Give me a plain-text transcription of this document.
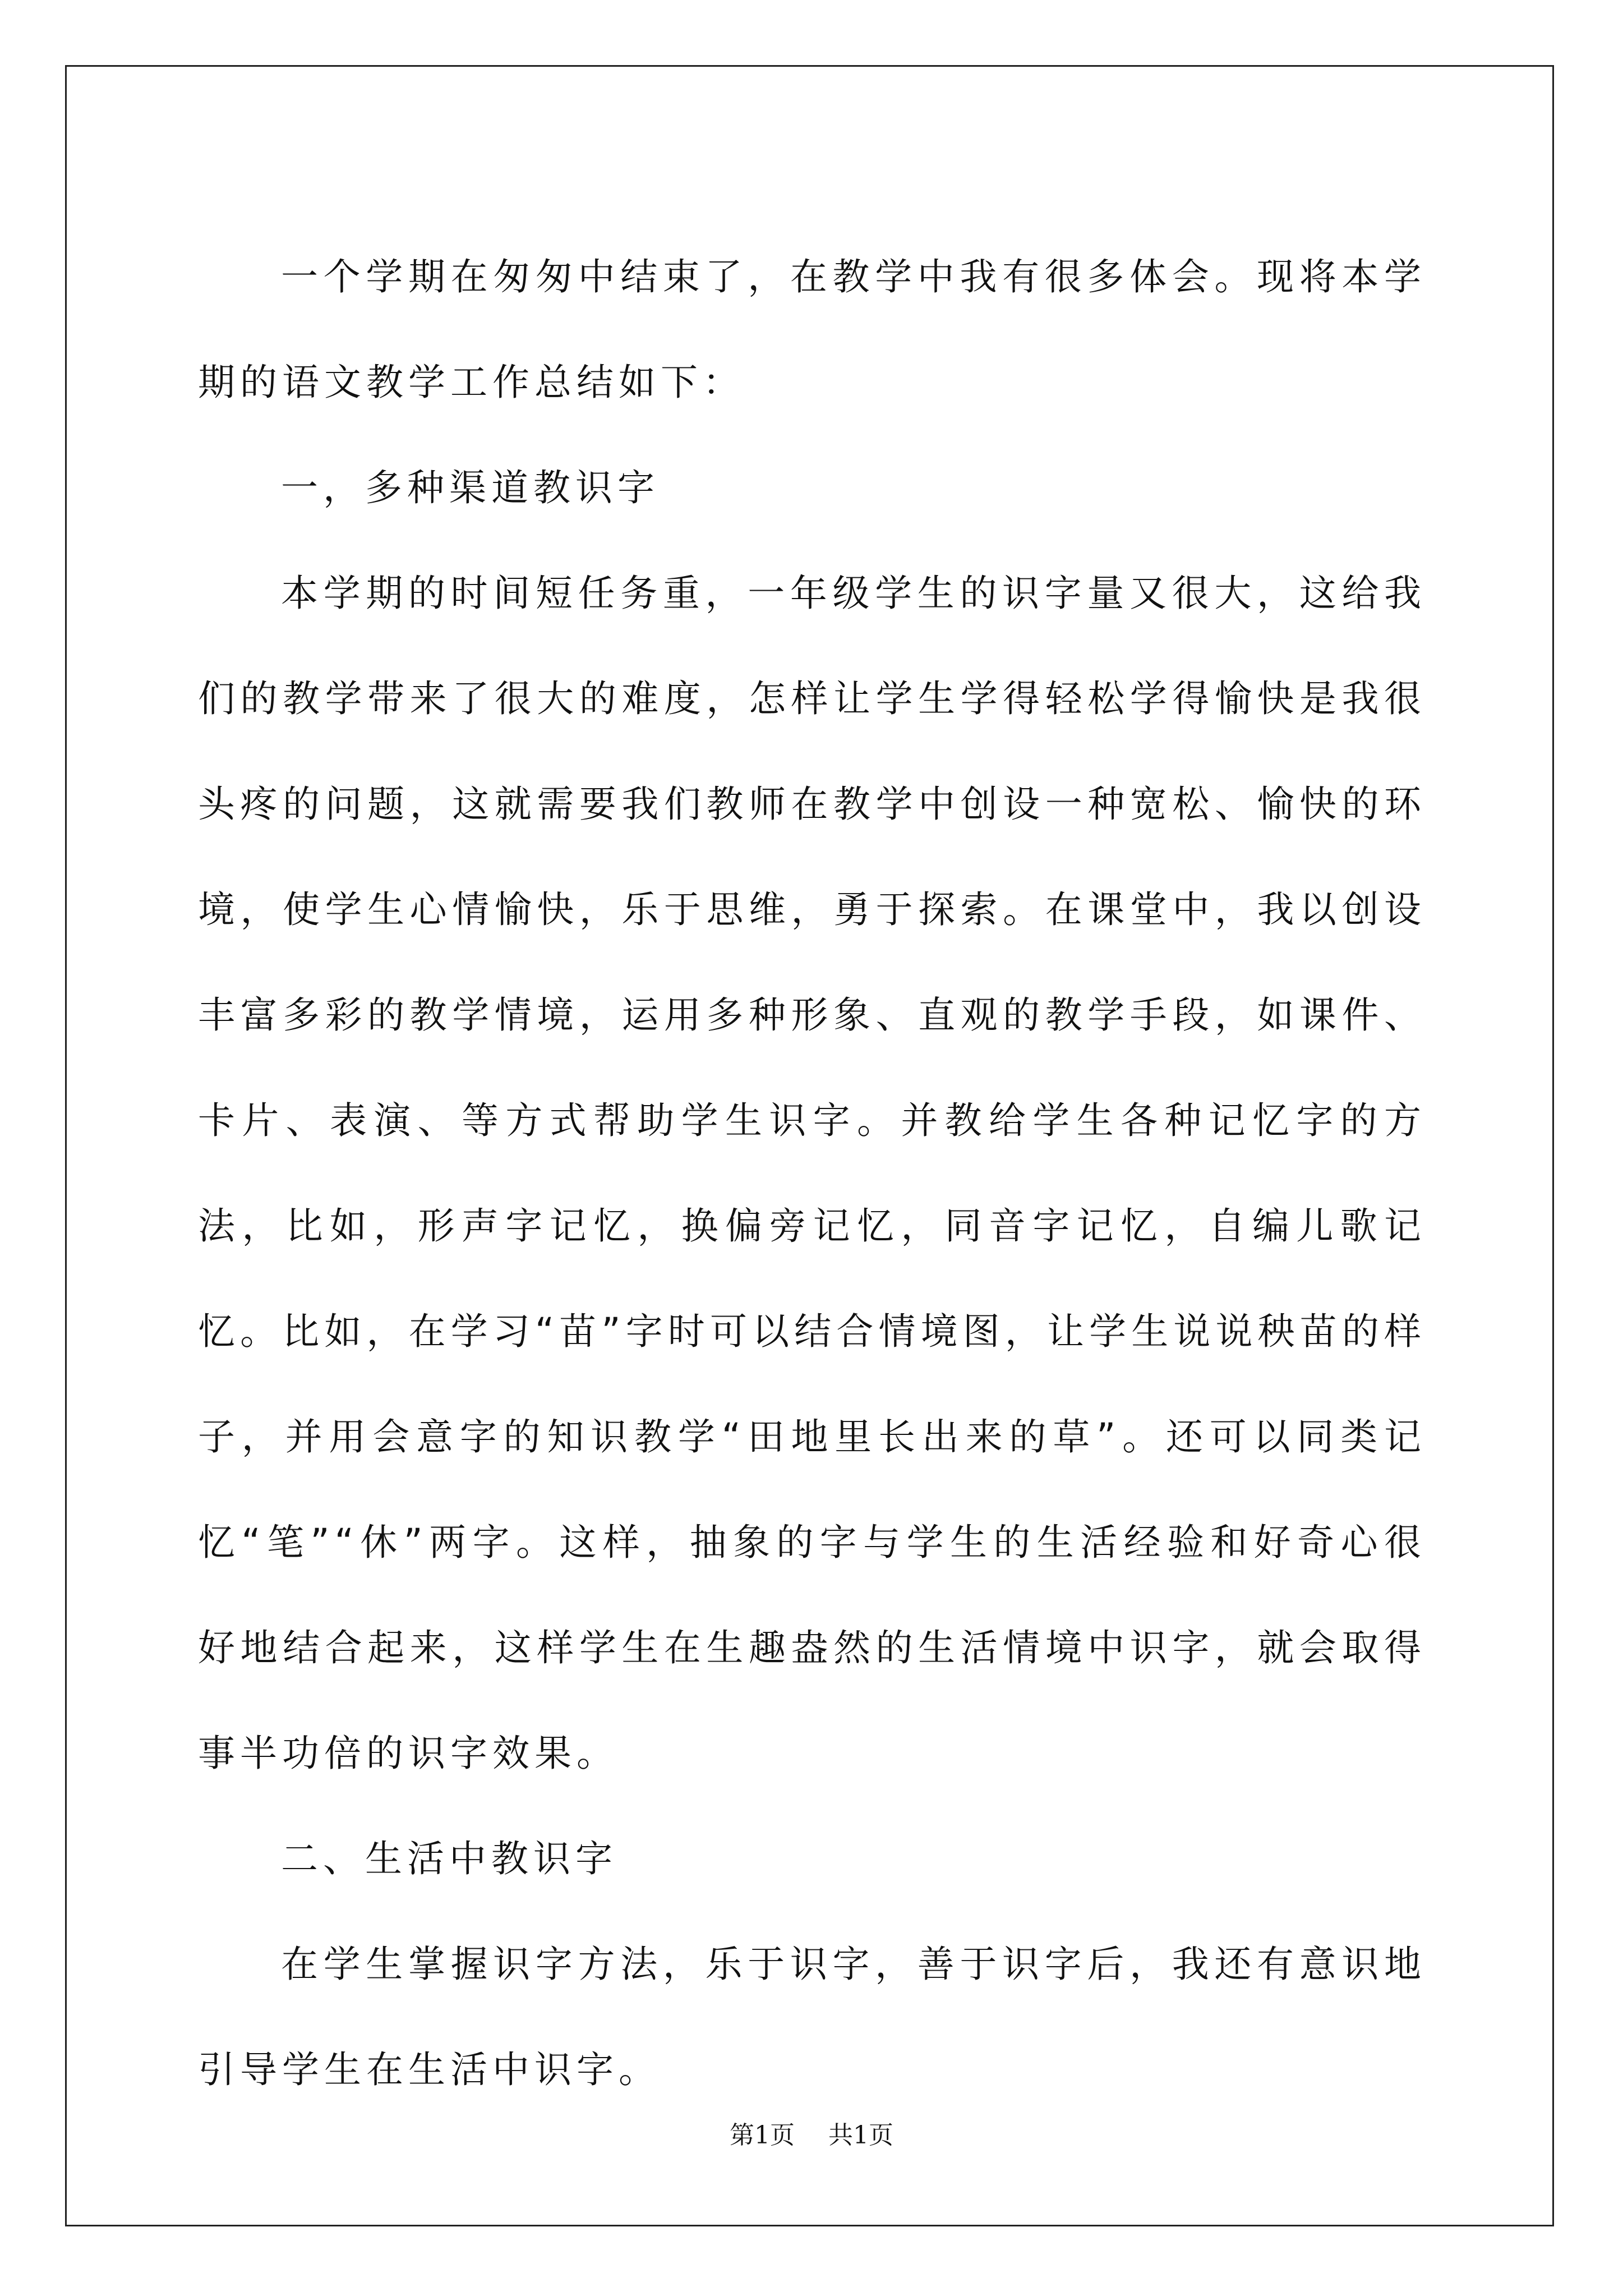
一个学期在匆匆中结束了，在教学中我有很多体会。现将本学期的语文教学工作总结如下：

一，多种渠道教识字

本学期的时间短任务重，一年级学生的识字量又很大，这给我们的教学带来了很大的难度，怎样让学生学得轻松学得愉快是我很头疼的问题，这就需要我们教师在教学中创设一种宽松、愉快的环境，使学生心情愉快，乐于思维，勇于探索。在课堂中，我以创设丰富多彩的教学情境，运用多种形象、直观的教学手段，如课件、卡片、表演、等方式帮助学生识字。并教给学生各种记忆字的方法，比如，形声字记忆，换偏旁记忆，同音字记忆，自编儿歌记忆。比如，在学习“苗”字时可以结合情境图，让学生说说秧苗的样子，并用会意字的知识教学“田地里长出来的草”。还可以同类记忆“笔”“休”两字。这样，抽象的字与学生的生活经验和好奇心很好地结合起来，这样学生在生趣盎然的生活情境中识字，就会取得事半功倍的识字效果。

二、生活中教识字

在学生掌握识字方法，乐于识字，善于识字后，我还有意识地引导学生在生活中识字。

第1页 共1页
